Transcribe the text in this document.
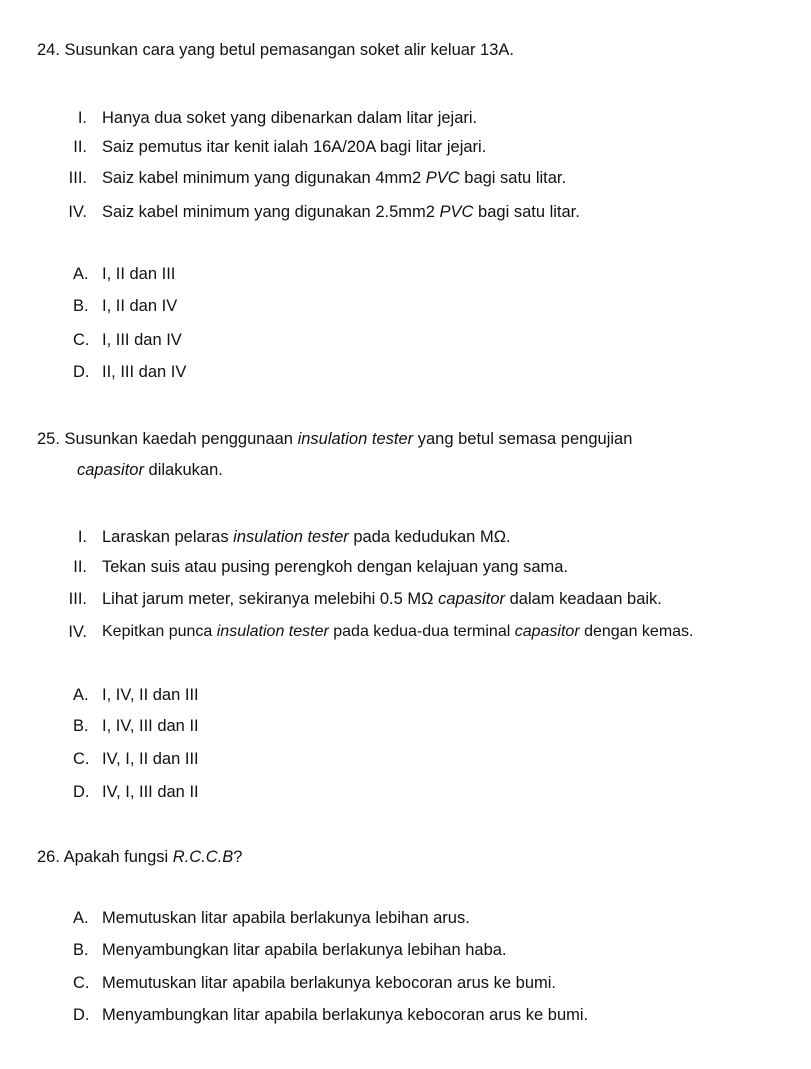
24. Susunkan cara yang betul pemasangan soket alir keluar 13A.
I. Hanya dua soket yang dibenarkan dalam litar jejari.
II. Saiz pemutus itar kenit ialah 16A/20A bagi litar jejari.
III. Saiz kabel minimum yang digunakan 4mm2 PVC bagi satu litar.
IV. Saiz kabel minimum yang digunakan 2.5mm2 PVC bagi satu litar.
A. I, II dan III
B. I, II dan IV
C. I, III dan IV
D. II, III dan IV
25. Susunkan kaedah penggunaan insulation tester yang betul semasa pengujian
capasitor dilakukan.
I. Laraskan pelaras insulation tester pada kedudukan MΩ.
II. Tekan suis atau pusing perengkoh dengan kelajuan yang sama.
III. Lihat jarum meter, sekiranya melebihi 0.5 MΩ capasitor dalam keadaan baik.
IV. Kepitkan punca insulation tester pada kedua-dua terminal capasitor dengan kemas.
A. I, IV, II dan III
B. I, IV, III dan II
C. IV, I, II dan III
D. IV, I, III dan II
26. Apakah fungsi R.C.C.B?
A. Memutuskan litar apabila berlakunya lebihan arus.
B. Menyambungkan litar apabila berlakunya lebihan haba.
C. Memutuskan litar apabila berlakunya kebocoran arus ke bumi.
D. Menyambungkan litar apabila berlakunya kebocoran arus ke bumi.
